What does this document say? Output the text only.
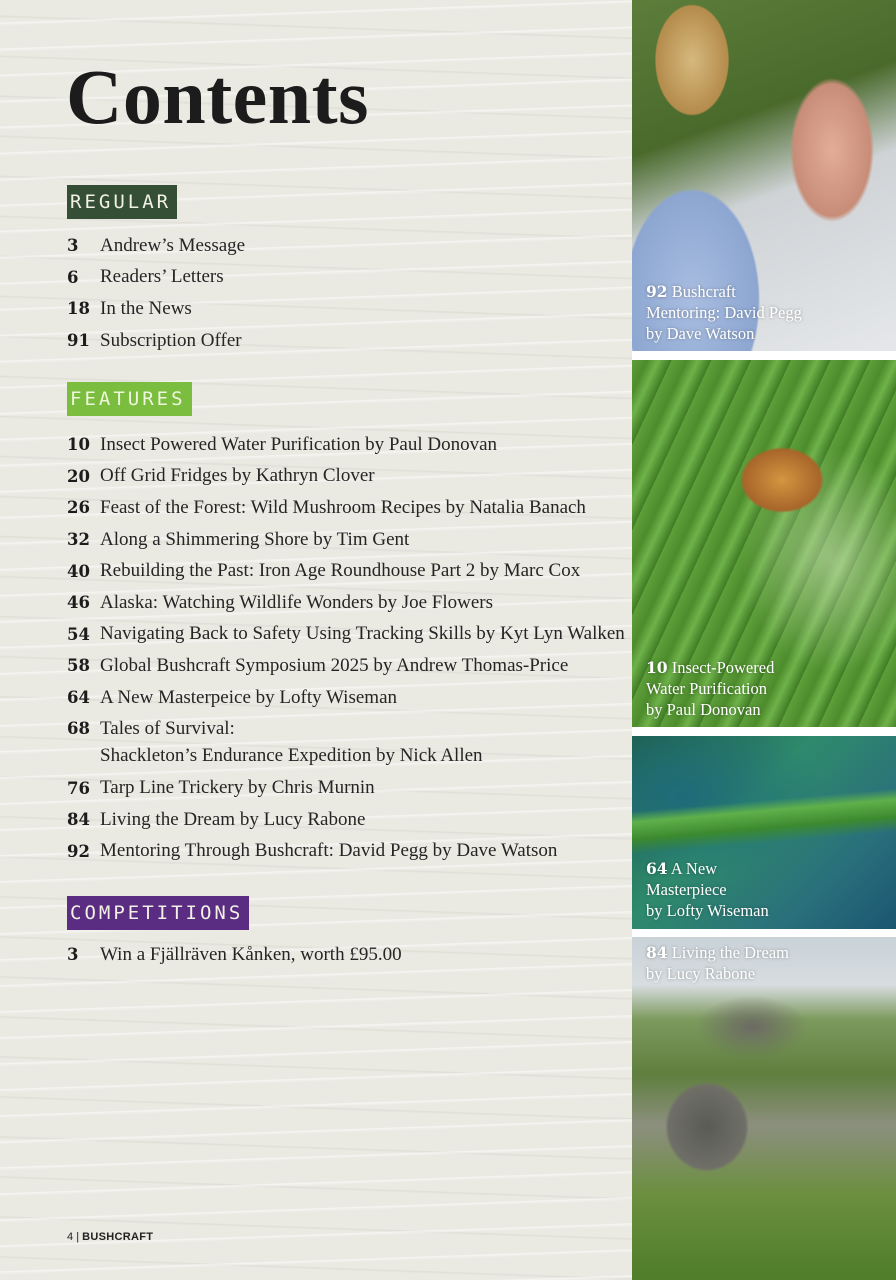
Contents
REGULAR
3	Andrew’s Message
6	Readers’ Letters
18 In the News
91 Subscription Offer
FEATURES
10 Insect Powered Water Purification by Paul Donovan
20 Off Grid Fridges by Kathryn Clover
26 Feast of the Forest: Wild Mushroom Recipes by Natalia Banach
32 Along a Shimmering Shore by Tim Gent
40 Rebuilding the Past: Iron Age Roundhouse Part 2 by Marc Cox
46 Alaska: Watching Wildlife Wonders by Joe Flowers
54 Navigating Back to Safety Using Tracking Skills by Kyt Lyn Walken
58 Global Bushcraft Symposium 2025 by Andrew Thomas-Price
64 A New Masterpeice by Lofty Wiseman
68 Tales of Survival:
Shackleton’s Endurance Expedition by Nick Allen
76 Tarp Line Trickery by Chris Murnin
84 Living the Dream by Lucy Rabone
92 Mentoring Through Bushcraft: David Pegg by Dave Watson
COMPETITIONS
3	Win a Fjällräven Kånken, worth £95.00
4 | BUSHCRAFT
92 Bushcraft
Mentoring: David Pegg
by Dave Watson
10 Insect-Powered
Water Purification
by Paul Donovan
64 A New
Masterpiece
by Lofty Wiseman
84 Living the Dream
by Lucy Rabone
